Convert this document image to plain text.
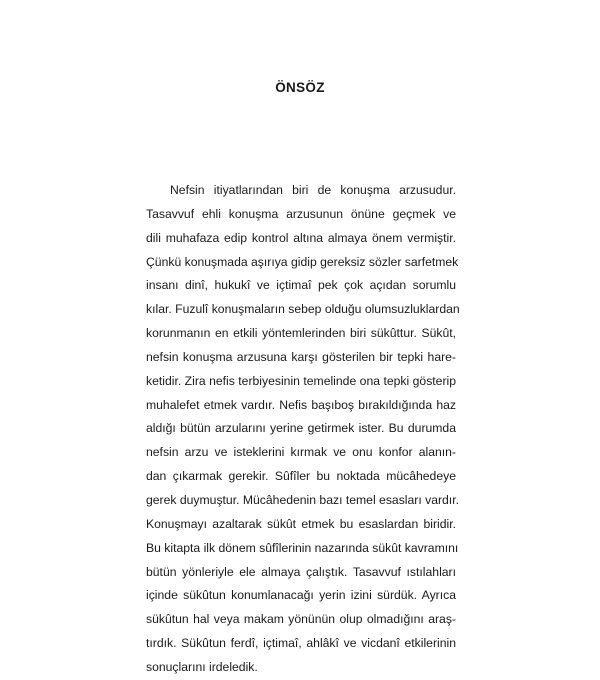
ÖNSÖZ
Nefsin itiyatlarından biri de konuşma arzusudur.
Tasavvuf ehli konuşma arzusunun önüne geçmek ve
dili muhafaza edip kontrol altına almaya önem vermiştir.
Çünkü konuşmada aşırıya gidip gereksiz sözler sarfetmek
insanı dinî, hukukî ve içtimaî pek çok açıdan sorumlu
kılar. Fuzulî konuşmaların sebep olduğu olumsuzluklardan
korunmanın en etkili yöntemlerinden biri sükûttur. Sükût,
nefsin konuşma arzusuna karşı gösterilen bir tepki hare-
ketidir. Zira nefis terbiyesinin temelinde ona tepki gösterip
muhalefet etmek vardır. Nefis başıboş bırakıldığında haz
aldığı bütün arzularını yerine getirmek ister. Bu durumda
nefsin arzu ve isteklerini kırmak ve onu konfor alanın-
dan çıkarmak gerekir. Sûfîler bu noktada mücâhedeye
gerek duymuştur. Mücâhedenin bazı temel esasları vardır.
Konuşmayı azaltarak sükût etmek bu esaslardan biridir.
Bu kitapta ilk dönem sûfîlerinin nazarında sükût kavramını
bütün yönleriyle ele almaya çalıştık. Tasavvuf ıstılahları
içinde sükûtun konumlanacağı yerin izini sürdük. Ayrıca
sükûtun hal veya makam yönünün olup olmadığını araş-
tırdık. Sükûtun ferdî, içtimaî, ahlâkî ve vicdanî etkilerinin
sonuçlarını irdeledik.
